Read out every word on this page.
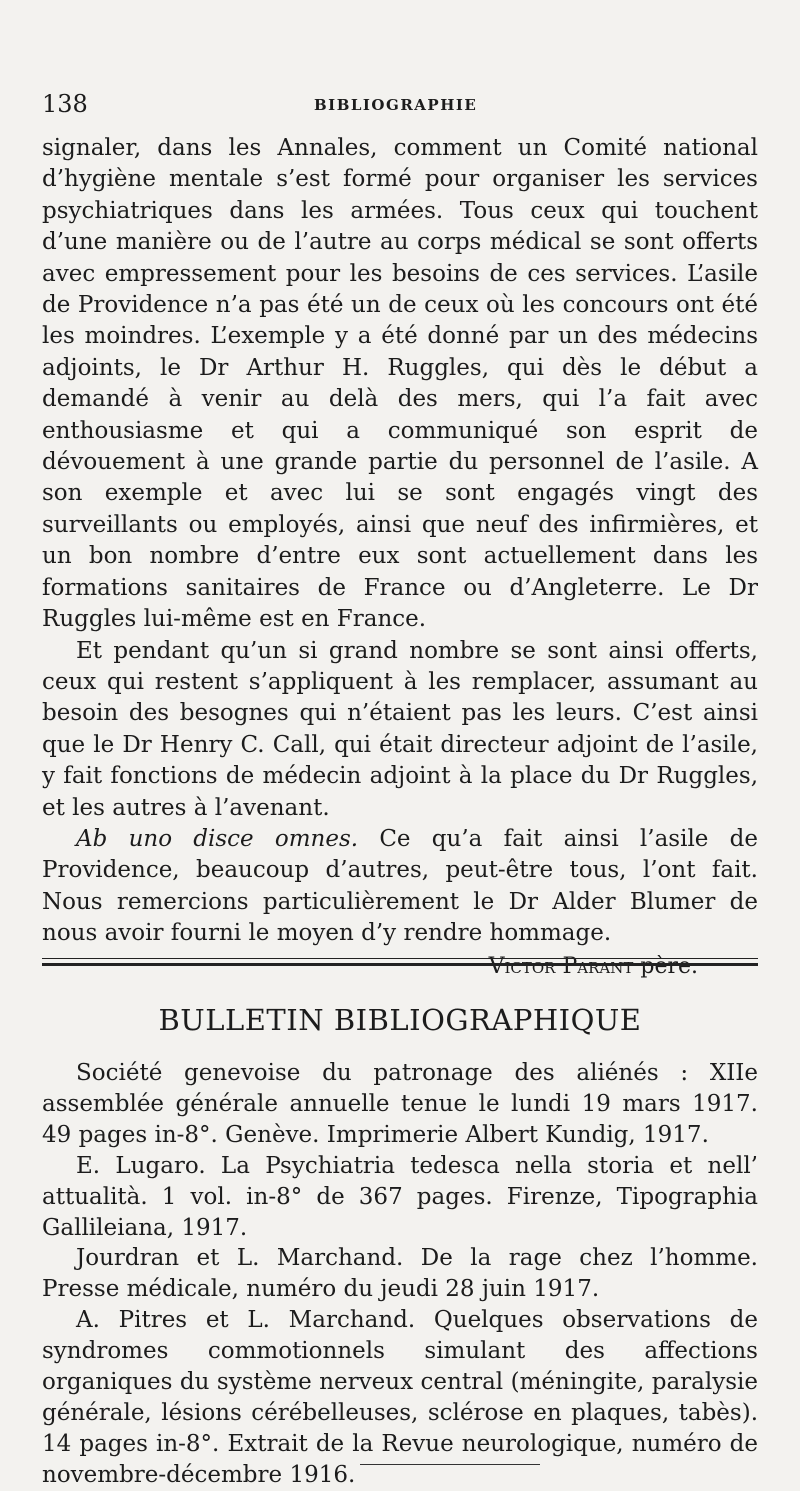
138	BIBLIOGRAPHIE

signaler, dans les Annales, comment un Comité national d’hygiène mentale s’est formé pour organiser les services psychiatriques dans les armées. Tous ceux qui touchent d’une manière ou de l’autre au corps médical se sont offerts avec empressement pour les besoins de ces services. L’asile de Providence n’a pas été un de ceux où les concours ont été les moindres. L’exemple y a été donné par un des médecins adjoints, le Dr Arthur H. Ruggles, qui dès le début a demandé à venir au delà des mers, qui l’a fait avec enthousiasme et qui a communiqué son esprit de dévouement à une grande partie du personnel de l’asile. A son exemple et avec lui se sont engagés vingt des surveillants ou employés, ainsi que neuf des infirmières, et un bon nombre d’entre eux sont actuellement dans les formations sanitaires de France ou d’Angleterre. Le Dr Ruggles lui-même est en France.

Et pendant qu’un si grand nombre se sont ainsi offerts, ceux qui restent s’appliquent à les remplacer, assumant au besoin des besognes qui n’étaient pas les leurs. C’est ainsi que le Dr Henry C. Call, qui était directeur adjoint de l’asile, y fait fonctions de médecin adjoint à la place du Dr Ruggles, et les autres à l’avenant.

Ab uno disce omnes. Ce qu’a fait ainsi l’asile de Providence, beaucoup d’autres, peut-être tous, l’ont fait. Nous remercions particulièrement le Dr Alder Blumer de nous avoir fourni le moyen d’y rendre hommage.

Victor Parant père.
BULLETIN BIBLIOGRAPHIQUE

Société genevoise du patronage des aliénés : XIIe assemblée générale annuelle tenue le lundi 19 mars 1917. 49 pages in-8°. Genève. Imprimerie Albert Kundig, 1917.

E. Lugaro. La Psychiatria tedesca nella storia et nell’ attualità. 1 vol. in-8° de 367 pages. Firenze, Tipographia Gallileiana, 1917.

Jourdran et L. Marchand. De la rage chez l’homme. Presse médicale, numéro du jeudi 28 juin 1917.

A. Pitres et L. Marchand. Quelques observations de syndromes commotionnels simulant des affections organiques du système nerveux central (méningite, paralysie générale, lésions cérébelleuses, sclérose en plaques, tabès). 14 pages in-8°. Extrait de la Revue neurologique, numéro de novembre-décembre 1916.
